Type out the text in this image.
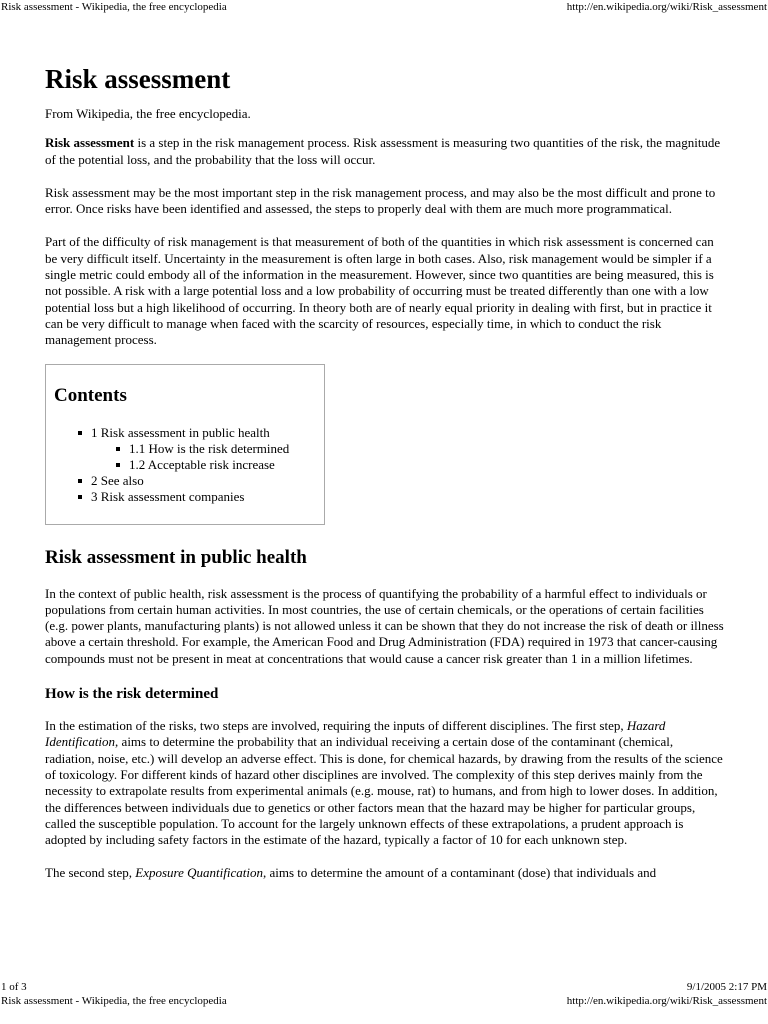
Risk assessment - Wikipedia, the free encyclopedia	http://en.wikipedia.org/wiki/Risk_assessment
Risk assessment

From Wikipedia, the free encyclopedia.

Risk assessment is a step in the risk management process. Risk assessment is measuring two quantities of the risk, the magnitude of the potential loss, and the probability that the loss will occur.

Risk assessment may be the most important step in the risk management process, and may also be the most difficult and prone to error. Once risks have been identified and assessed, the steps to properly deal with them are much more programmatical.

Part of the difficulty of risk management is that measurement of both of the quantities in which risk assessment is concerned can be very difficult itself. Uncertainty in the measurement is often large in both cases. Also, risk management would be simpler if a single metric could embody all of the information in the measurement. However, since two quantities are being measured, this is not possible. A risk with a large potential loss and a low probability of occurring must be treated differently than one with a low potential loss but a high likelihood of occurring. In theory both are of nearly equal priority in dealing with first, but in practice it can be very difficult to manage when faced with the scarcity of resources, especially time, in which to conduct the risk management process.

Contents
1 Risk assessment in public health
1.1 How is the risk determined
1.2 Acceptable risk increase
2 See also
3 Risk assessment companies
Risk assessment in public health

In the context of public health, risk assessment is the process of quantifying the probability of a harmful effect to individuals or populations from certain human activities. In most countries, the use of certain chemicals, or the operations of certain facilities (e.g. power plants, manufacturing plants) is not allowed unless it can be shown that they do not increase the risk of death or illness above a certain threshold. For example, the American Food and Drug Administration (FDA) required in 1973 that cancer-causing compounds must not be present in meat at concentrations that would cause a cancer risk greater than 1 in a million lifetimes.

How is the risk determined

In the estimation of the risks, two steps are involved, requiring the inputs of different disciplines. The first step, Hazard Identification, aims to determine the probability that an individual receiving a certain dose of the contaminant (chemical, radiation, noise, etc.) will develop an adverse effect. This is done, for chemical hazards, by drawing from the results of the science of toxicology. For different kinds of hazard other disciplines are involved. The complexity of this step derives mainly from the necessity to extrapolate results from experimental animals (e.g. mouse, rat) to humans, and from high to lower doses. In addition, the differences between individuals due to genetics or other factors mean that the hazard may be higher for particular groups, called the susceptible population. To account for the largely unknown effects of these extrapolations, a prudent approach is adopted by including safety factors in the estimate of the hazard, typically a factor of 10 for each unknown step.

The second step, Exposure Quantification, aims to determine the amount of a contaminant (dose) that individuals and

1 of 3	9/1/2005 2:17 PM
Risk assessment - Wikipedia, the free encyclopedia	http://en.wikipedia.org/wiki/Risk_assessment
